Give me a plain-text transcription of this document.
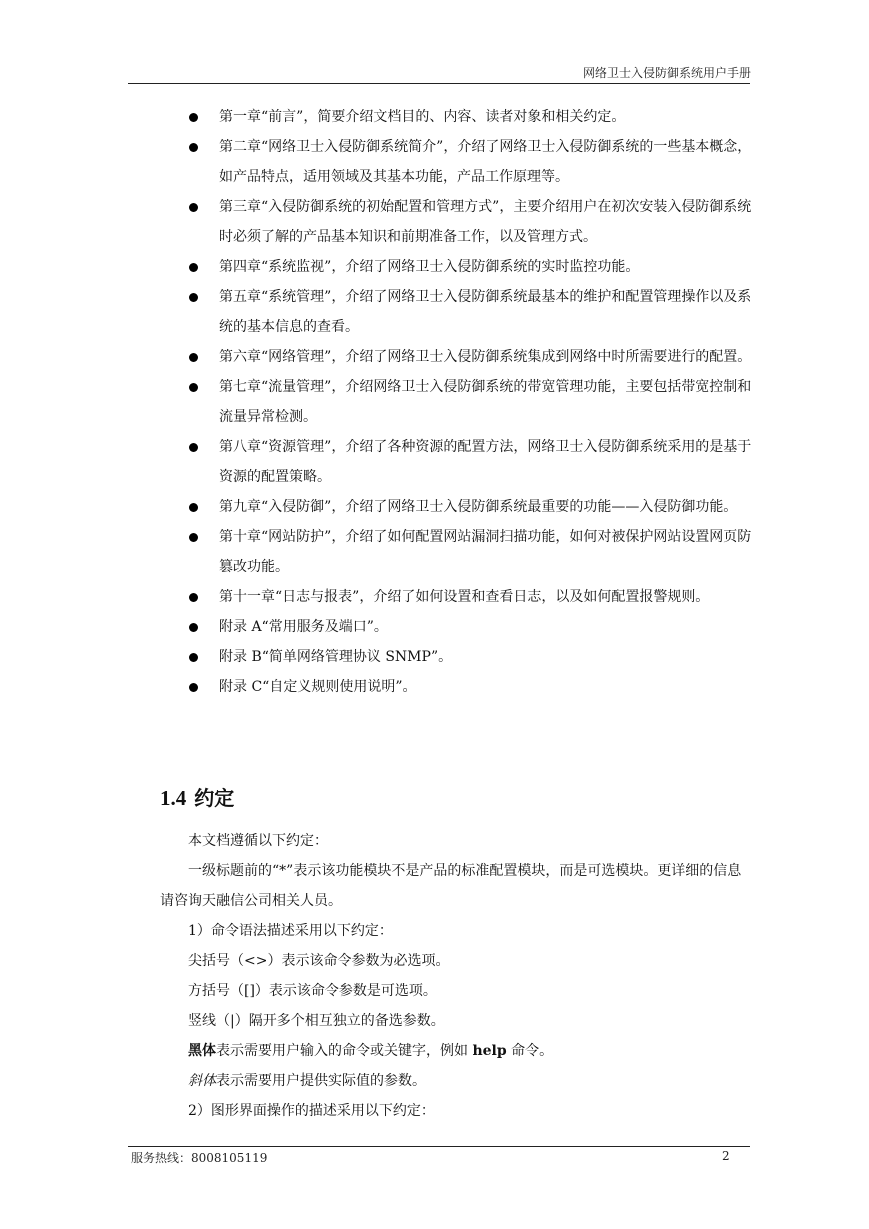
网络卫士入侵防御系统用户手册
第一章“前言”，简要介绍文档目的、内容、读者对象和相关约定。
第二章“网络卫士入侵防御系统简介”，介绍了网络卫士入侵防御系统的一些基本概念，如产品特点，适用领域及其基本功能，产品工作原理等。
第三章“入侵防御系统的初始配置和管理方式”，主要介绍用户在初次安装入侵防御系统时必须了解的产品基本知识和前期准备工作，以及管理方式。
第四章“系统监视”，介绍了网络卫士入侵防御系统的实时监控功能。
第五章“系统管理”，介绍了网络卫士入侵防御系统最基本的维护和配置管理操作以及系统的基本信息的查看。
第六章“网络管理”，介绍了网络卫士入侵防御系统集成到网络中时所需要进行的配置。
第七章“流量管理”，介绍网络卫士入侵防御系统的带宽管理功能，主要包括带宽控制和流量异常检测。
第八章“资源管理”，介绍了各种资源的配置方法，网络卫士入侵防御系统采用的是基于资源的配置策略。
第九章“入侵防御”，介绍了网络卫士入侵防御系统最重要的功能——入侵防御功能。
第十章“网站防护”，介绍了如何配置网站漏洞扫描功能，如何对被保护网站设置网页防篡改功能。
第十一章“日志与报表”，介绍了如何设置和查看日志，以及如何配置报警规则。
附录 A“常用服务及端口”。
附录 B“简单网络管理协议 SNMP”。
附录 C“自定义规则使用说明”。
1.4 约定

本文档遵循以下约定：

一级标题前的“*”表示该功能模块不是产品的标准配置模块，而是可选模块。更详细的信息请咨询天融信公司相关人员。

1）命令语法描述采用以下约定：

尖括号（<>）表示该命令参数为必选项。

方括号（[]）表示该命令参数是可选项。

竖线（|）隔开多个相互独立的备选参数。

黑体表示需要用户输入的命令或关键字，例如 help 命令。

斜体表示需要用户提供实际值的参数。

2）图形界面操作的描述采用以下约定：

服务热线：8008105119	2
